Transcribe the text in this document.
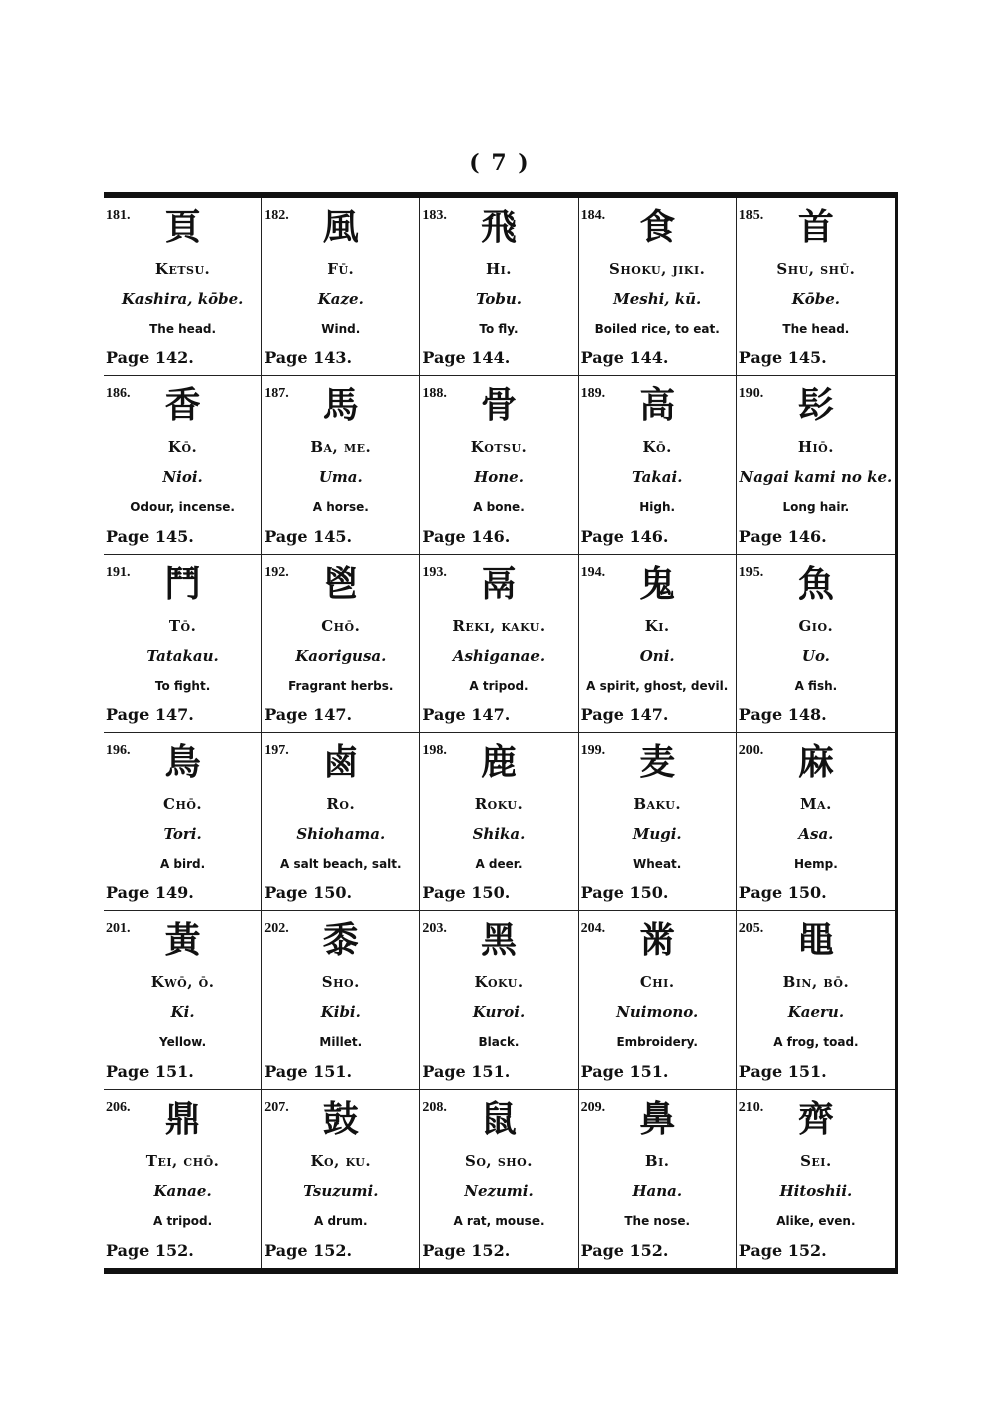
( 7 )
181. 頁
Ketsu.
Kashira, kōbe.
The head.
Page 142.
182. 風
Fū.
Kaze.
Wind.
Page 143.
183. 飛
Hi.
Tobu.
To fly.
Page 144.
184. 食
Shoku, jiki.
Meshi, kū.
Boiled rice, to eat.
Page 144.
185. 首
Shu, shū.
Kōbe.
The head.
Page 145.
186. 香
Kō.
Nioi.
Odour, incense.
Page 145.
187. 馬
Ba, me.
Uma.
A horse.
Page 145.
188. 骨
Kotsu.
Hone.
A bone.
Page 146.
189. 高
Kō.
Takai.
High.
Page 146.
190. 髟
Hiō.
Nagai kami no ke.
Long hair.
Page 146.
191. 鬥
Tō.
Tatakau.
To fight.
Page 147.
192. 鬯
Chō.
Kaorigusa.
Fragrant herbs.
Page 147.
193. 鬲
Reki, kaku.
Ashiganae.
A tripod.
Page 147.
194. 鬼
Ki.
Oni.
A spirit, ghost, devil.
Page 147.
195. 魚
Gio.
Uo.
A fish.
Page 148.
196. 鳥
Chō.
Tori.
A bird.
Page 149.
197. 鹵
Ro.
Shiohama.
A salt beach, salt.
Page 150.
198. 鹿
Roku.
Shika.
A deer.
Page 150.
199. 麦
Baku.
Mugi.
Wheat.
Page 150.
200. 麻
Ma.
Asa.
Hemp.
Page 150.
201. 黃
Kwō, ō.
Ki.
Yellow.
Page 151.
202. 黍
Sho.
Kibi.
Millet.
Page 151.
203. 黑
Koku.
Kuroi.
Black.
Page 151.
204. 黹
Chi.
Nuimono.
Embroidery.
Page 151.
205. 黽
Bin, bō.
Kaeru.
A frog, toad.
Page 151.
206. 鼎
Tei, chō.
Kanae.
A tripod.
Page 152.
207. 鼓
Ko, ku.
Tsuzumi.
A drum.
Page 152.
208. 鼠
So, sho.
Nezumi.
A rat, mouse.
Page 152.
209. 鼻
Bi.
Hana.
The nose.
Page 152.
210. 齊
Sei.
Hitoshii.
Alike, even.
Page 152.
